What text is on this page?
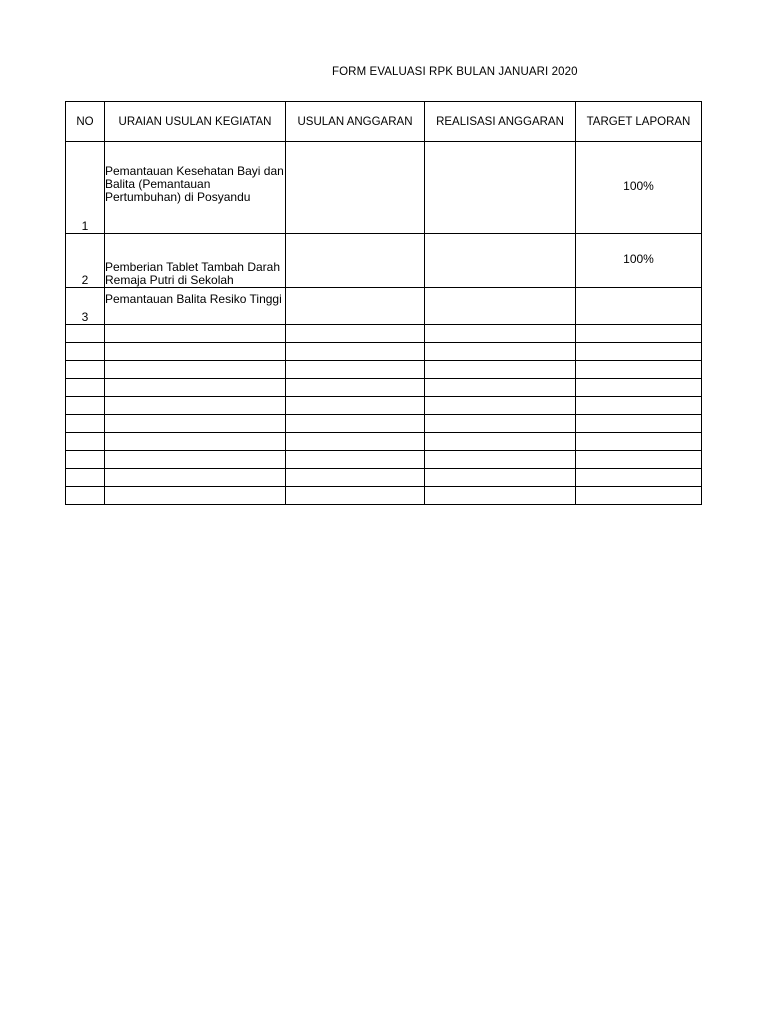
FORM EVALUASI RPK BULAN JANUARI 2020
NO	URAIAN USULAN KEGIATAN	USULAN ANGGARAN	REALISASI ANGGARAN	TARGET LAPORAN
1	Pemantauan Kesehatan Bayi dan Balita (Pemantauan Pertumbuhan) di Posyandu			100%
2	Pemberian Tablet Tambah Darah Remaja Putri di Sekolah			100%
3	Pemantauan Balita Resiko Tinggi			
